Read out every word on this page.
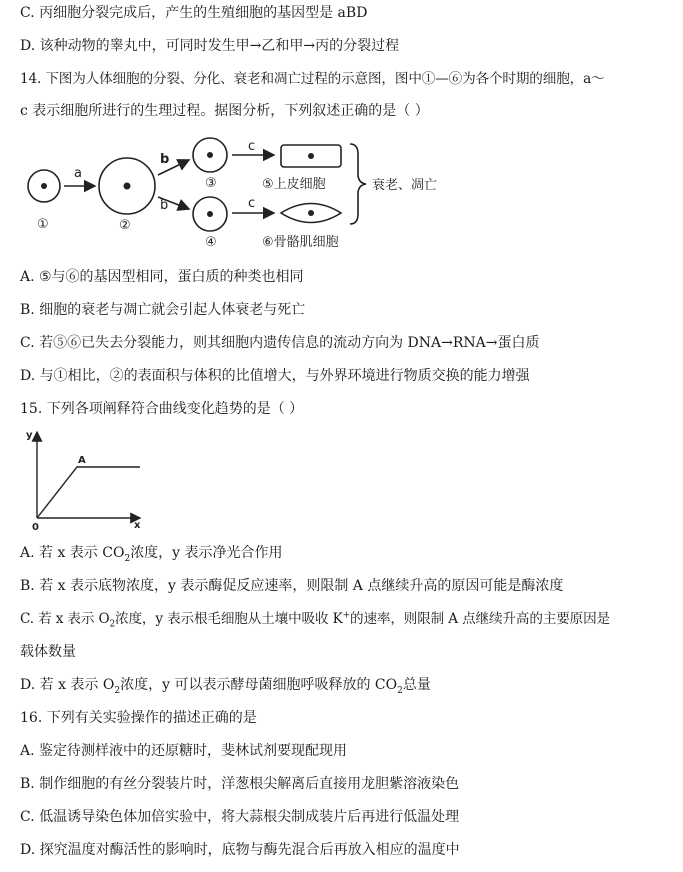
C. 丙细胞分裂完成后，产生的生殖细胞的基因型是 aBD
D. 该种动物的睾丸中，可同时发生甲→乙和甲→丙的分裂过程
14. 下图为人体细胞的分裂、分化、衰老和凋亡过程的示意图，图中①—⑥为各个时期的细胞，a～
c 表示细胞所进行的生理过程。据图分析，下列叙述正确的是（ ）
①	②
③
④
a
b
b
c
c
⑤上皮细胞
⑥骨骼肌细胞
衰老、凋亡
y
x
0
A
A. ⑤与⑥的基因型相同，蛋白质的种类也相同
B. 细胞的衰老与凋亡就会引起人体衰老与死亡
C. 若⑤⑥已失去分裂能力，则其细胞内遗传信息的流动方向为 DNA→RNA→蛋白质
D. 与①相比，②的表面积与体积的比值增大，与外界环境进行物质交换的能力增强
15. 下列各项阐释符合曲线变化趋势的是（ ）
A. 若 x 表示 $CO_2$浓度，y 表示净光合作用
B. 若 x 表示底物浓度，y 表示酶促反应速率，则限制 A 点继续升高的原因可能是酶浓度
C. 若 x 表示 $O_2$浓度，y 表示根毛细胞从土壤中吸收 K+的速率，则限制 A 点继续升高的主要原因是
载体数量
D. 若 x 表示 $O_2$浓度，y 可以表示酵母菌细胞呼吸释放的 $CO_2$总量
16. 下列有关实验操作的描述正确的是
A. 鉴定待测样液中的还原糖时，斐林试剂要现配现用
B. 制作细胞的有丝分裂装片时，洋葱根尖解离后直接用龙胆紫溶液染色
C. 低温诱导染色体加倍实验中，将大蒜根尖制成装片后再进行低温处理
D. 探究温度对酶活性的影响时，底物与酶先混合后再放入相应的温度中
